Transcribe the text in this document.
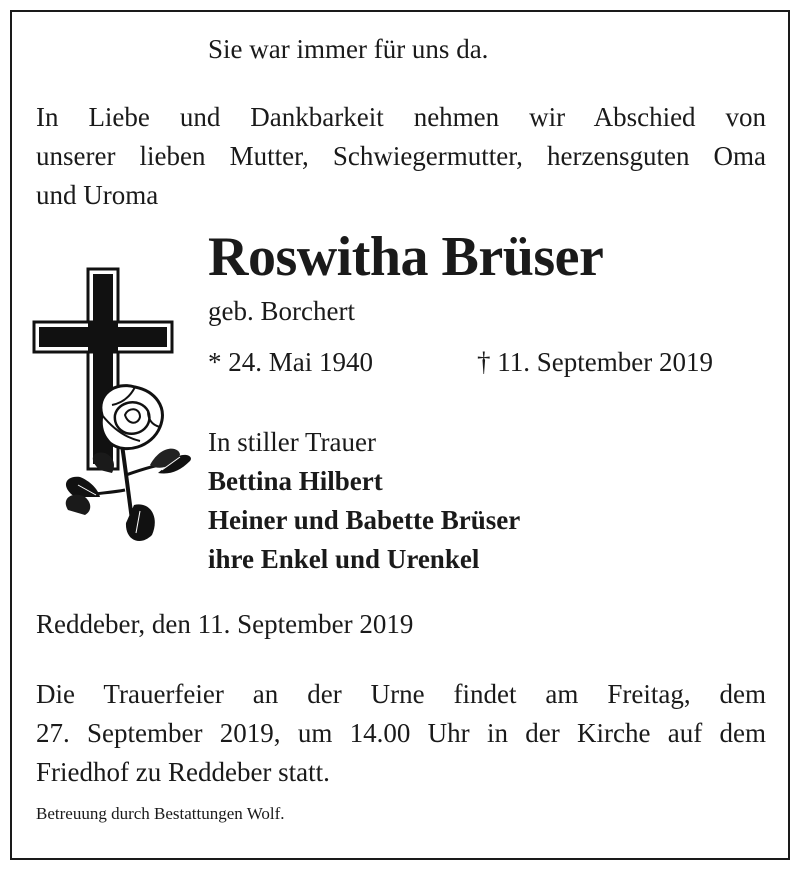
Sie war immer für uns da.
In Liebe und Dankbarkeit nehmen wir Abschied von
unserer lieben Mutter, Schwiegermutter, herzensguten Oma
und Uroma
Roswitha Brüser
geb. Borchert
* 24. Mai 1940	† 11. September 2019
In stiller Trauer
Bettina Hilbert
Heiner und Babette Brüser
ihre Enkel und Urenkel
Reddeber, den 11. September 2019
Die Trauerfeier an der Urne findet am Freitag, dem
27. September 2019, um 14.00 Uhr in der Kirche auf dem
Friedhof zu Reddeber statt.
Betreuung durch Bestattungen Wolf.
